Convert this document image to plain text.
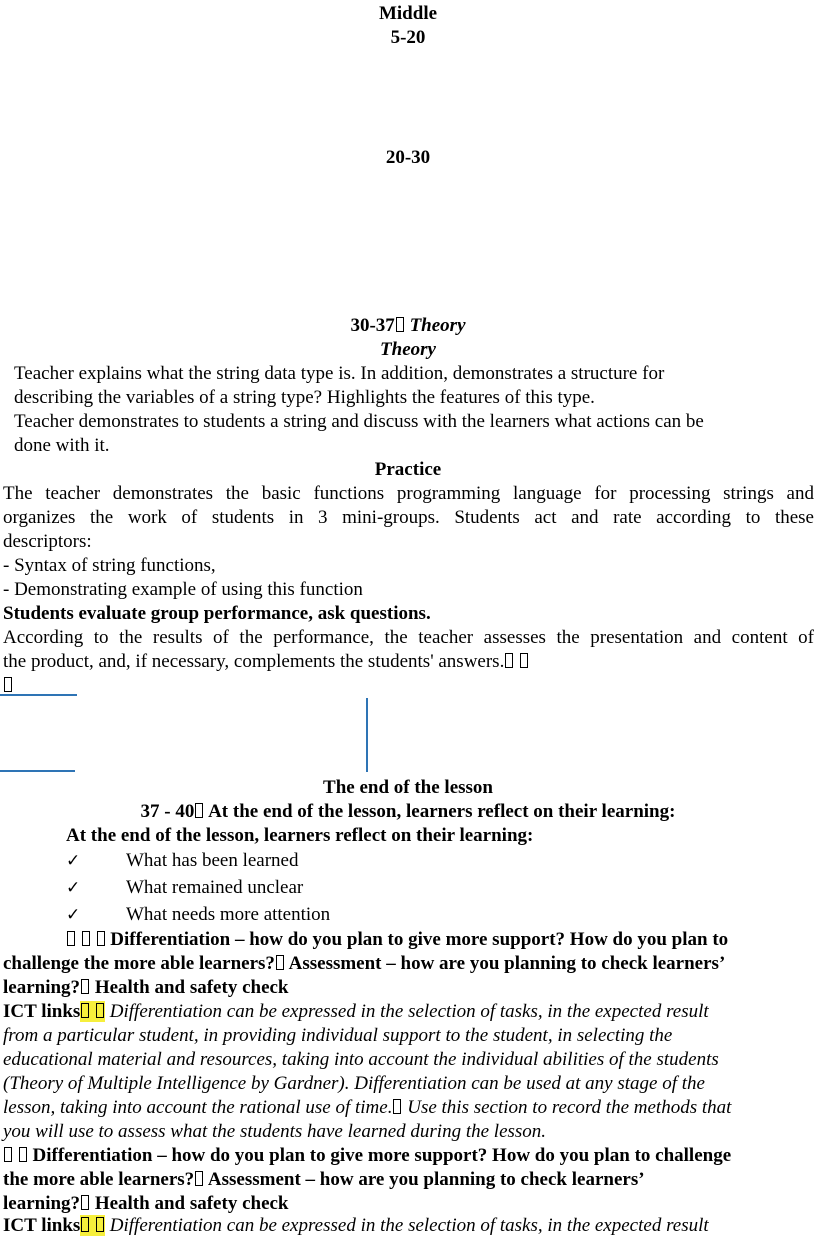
Middle
5-20
20-30
30-37 Theory
Theory
Teacher explains what the string data type is. In addition, demonstrates a structure for
describing the variables of a string type? Highlights the features of this type.
Teacher demonstrates to students a string and discuss with the learners what actions can be
done with it.
Practice
The teacher demonstrates the basic functions programming language for processing strings and
organizes the work of students in 3 mini-groups. Students act and rate according to these
descriptors:
- Syntax of string functions,
- Demonstrating example of using this function
Students evaluate group performance, ask questions.
According to the results of the performance, the teacher assesses the presentation and content of
the product, and, if necessary, complements the students' answers.
The end of the lesson
37 - 40 At the end of the lesson, learners reflect on their learning:
At the end of the lesson, learners reflect on their learning:
✓ What has been learned
✓ What remained unclear
✓ What needs more attention
Differentiation – how do you plan to give more support? How do you plan to
challenge the more able learners? Assessment – how are you planning to check learners’
learning? Health and safety check
ICT links Differentiation can be expressed in the selection of tasks, in the expected result
from a particular student, in providing individual support to the student, in selecting the
educational material and resources, taking into account the individual abilities of the students
(Theory of Multiple Intelligence by Gardner). Differentiation can be used at any stage of the
lesson, taking into account the rational use of time. Use this section to record the methods that
you will use to assess what the students have learned during the lesson.
Differentiation – how do you plan to give more support? How do you plan to challenge
the more able learners? Assessment – how are you planning to check learners’
learning? Health and safety check
ICT links Differentiation can be expressed in the selection of tasks, in the expected result
